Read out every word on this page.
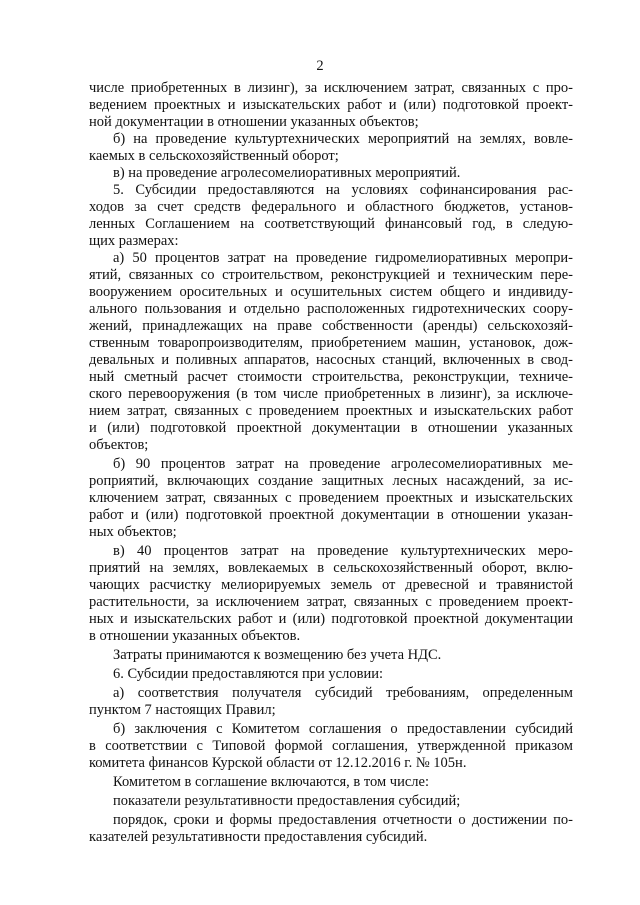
2
числе приобретенных в лизинг), за исключением затрат, связанных с про-
ведением проектных и изыскательских работ и (или) подготовкой проект-
ной документации в отношении указанных объектов;
б) на проведение культуртехнических мероприятий на землях, вовле-
каемых в сельскохозяйственный оборот;
в) на проведение агролесомелиоративных мероприятий.
5. Субсидии предоставляются на условиях софинансирования рас-
ходов за счет средств федерального и областного бюджетов, установ-
ленных Соглашением на соответствующий финансовый год, в следую-
щих размерах:
а) 50 процентов затрат на проведение гидромелиоративных меропри-
ятий, связанных со строительством, реконструкцией и техническим пере-
вооружением оросительных и осушительных систем общего и индивиду-
ального пользования и отдельно расположенных гидротехнических соору-
жений, принадлежащих на праве собственности (аренды) сельскохозяй-
ственным товаропроизводителям, приобретением машин, установок, дож-
девальных и поливных аппаратов, насосных станций, включенных в свод-
ный сметный расчет стоимости строительства, реконструкции, техниче-
ского перевооружения (в том числе приобретенных в лизинг), за исключе-
нием затрат, связанных с проведением проектных и изыскательских работ
и (или) подготовкой проектной документации в отношении указанных
объектов;
б) 90 процентов затрат на проведение агролесомелиоративных ме-
роприятий, включающих создание защитных лесных насаждений, за ис-
ключением затрат, связанных с проведением проектных и изыскательских
работ и (или) подготовкой проектной документации в отношении указан-
ных объектов;
в) 40 процентов затрат на проведение культуртехнических меро-
приятий на землях, вовлекаемых в сельскохозяйственный оборот, вклю-
чающих расчистку мелиорируемых земель от древесной и травянистой
растительности, за исключением затрат, связанных с проведением проект-
ных и изыскательских работ и (или) подготовкой проектной документации
в отношении указанных объектов.
Затраты принимаются к возмещению без учета НДС.
6. Субсидии предоставляются при условии:
а) соответствия получателя субсидий требованиям, определенным
пунктом 7 настоящих Правил;
б) заключения с Комитетом соглашения о предоставлении субсидий
в соответствии с Типовой формой соглашения, утвержденной приказом
комитета финансов Курской области от 12.12.2016 г. № 105н.
Комитетом в соглашение включаются, в том числе:
показатели результативности предоставления субсидий;
порядок, сроки и формы предоставления отчетности о достижении по-
казателей результативности предоставления субсидий.
